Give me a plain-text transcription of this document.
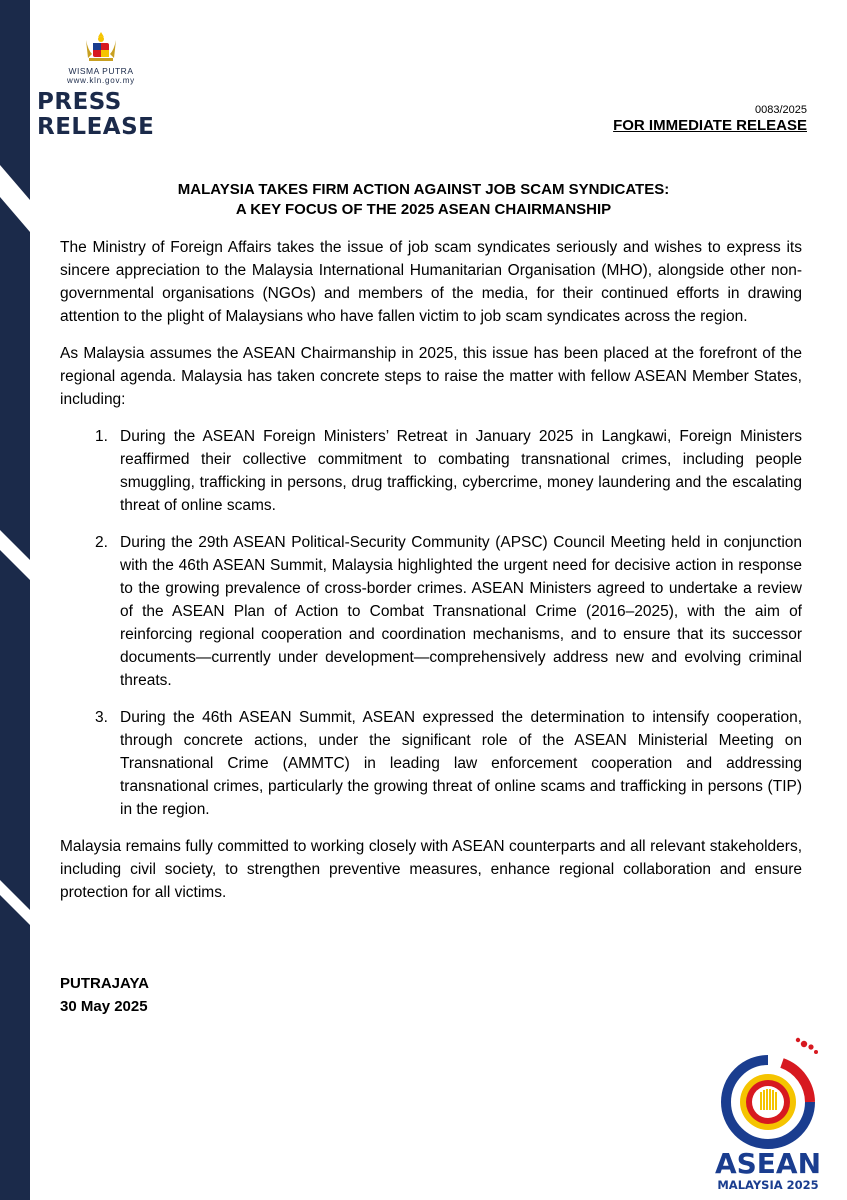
WISMA PUTRA
www.kln.gov.my
PRESS
RELEASE
0083/2025
FOR IMMEDIATE RELEASE
MALAYSIA TAKES FIRM ACTION AGAINST JOB SCAM SYNDICATES:
A KEY FOCUS OF THE 2025 ASEAN CHAIRMANSHIP

The Ministry of Foreign Affairs takes the issue of job scam syndicates seriously and wishes to express its sincere appreciation to the Malaysia International Humanitarian Organisation (MHO), alongside other non-governmental organisations (NGOs) and members of the media, for their continued efforts in drawing attention to the plight of Malaysians who have fallen victim to job scam syndicates across the region.

As Malaysia assumes the ASEAN Chairmanship in 2025, this issue has been placed at the forefront of the regional agenda. Malaysia has taken concrete steps to raise the matter with fellow ASEAN Member States, including:

1. During the ASEAN Foreign Ministers’ Retreat in January 2025 in Langkawi, Foreign Ministers reaffirmed their collective commitment to combating transnational crimes, including people smuggling, trafficking in persons, drug trafficking, cybercrime, money laundering and the escalating threat of online scams.
2. During the 29th ASEAN Political-Security Community (APSC) Council Meeting held in conjunction with the 46th ASEAN Summit, Malaysia highlighted the urgent need for decisive action in response to the growing prevalence of cross-border crimes. ASEAN Ministers agreed to undertake a review of the ASEAN Plan of Action to Combat Transnational Crime (2016–2025), with the aim of reinforcing regional cooperation and coordination mechanisms, and to ensure that its successor documents—currently under development—comprehensively address new and evolving criminal threats.
3. During the 46th ASEAN Summit, ASEAN expressed the determination to intensify cooperation, through concrete actions, under the significant role of the ASEAN Ministerial Meeting on Transnational Crime (AMMTC) in leading law enforcement cooperation and addressing transnational crimes, particularly the growing threat of online scams and trafficking in persons (TIP) in the region.

Malaysia remains fully committed to working closely with ASEAN counterparts and all relevant stakeholders, including civil society, to strengthen preventive measures, enhance regional collaboration and ensure protection for all victims.

PUTRAJAYA
30 May 2025
ASEAN
MALAYSIA 2025
